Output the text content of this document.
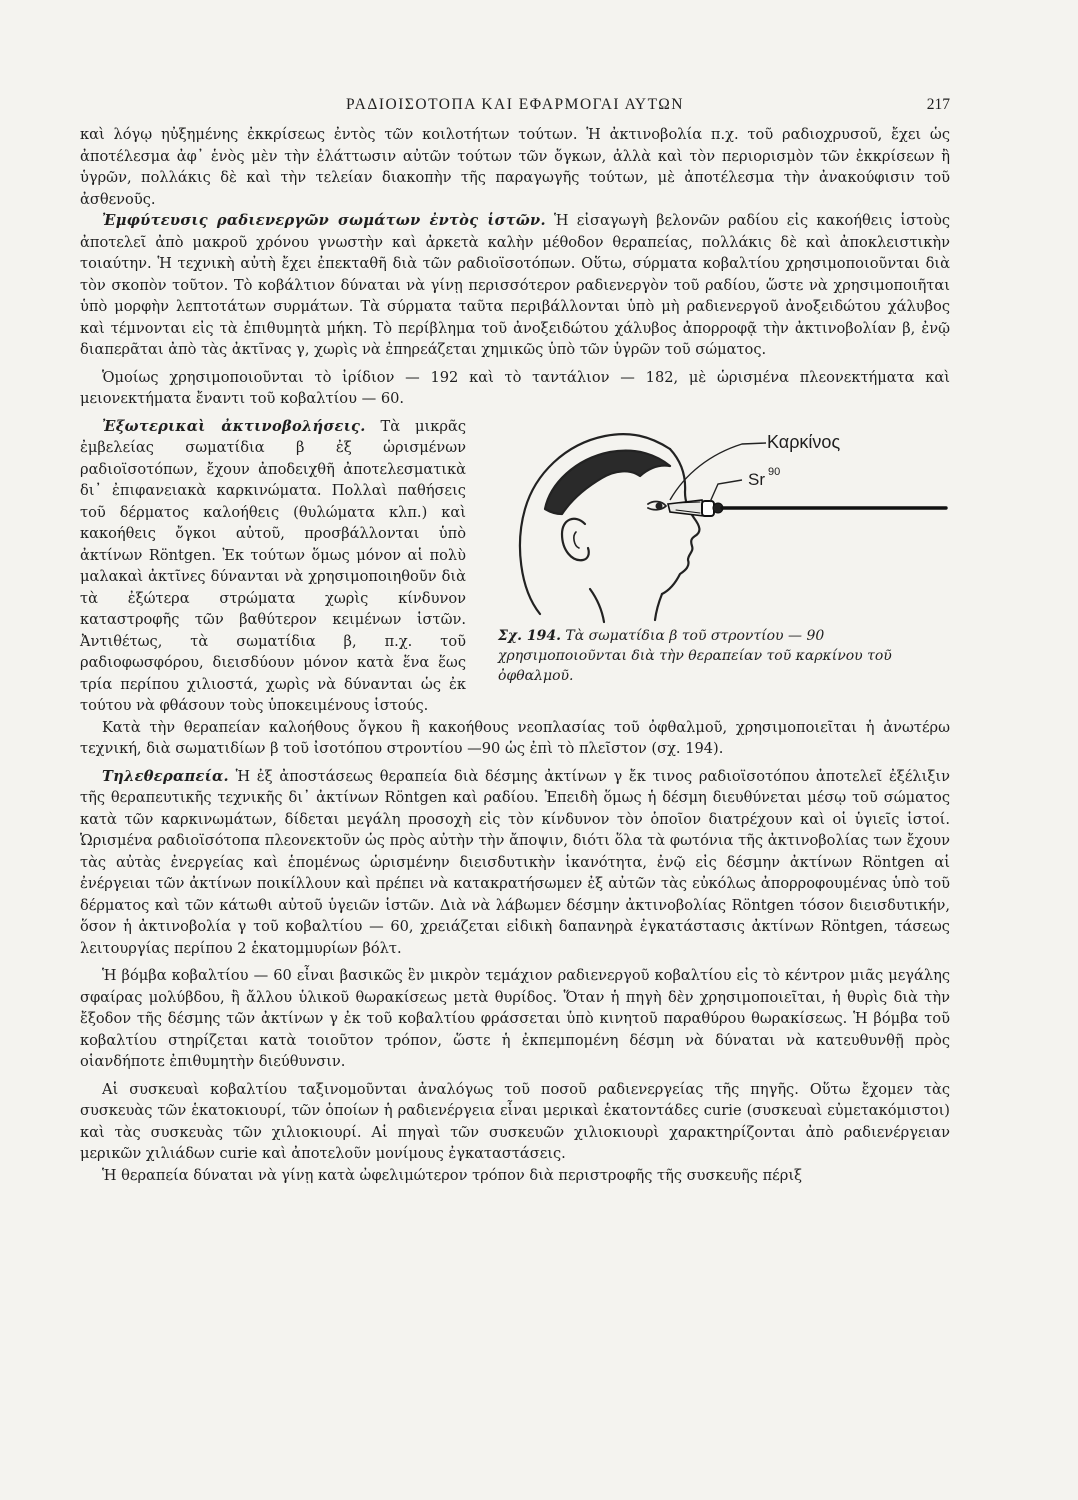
ΡΑΔΙΟΙΣΟΤΟΠΑ ΚΑΙ ΕΦΑΡΜΟΓΑΙ ΑΥΤΩΝ	217

καὶ λόγῳ ηὐξημένης ἐκκρίσεως ἐντὸς τῶν κοιλοτήτων τούτων. Ἡ ἀκτινοβολία π.χ. τοῦ ραδιοχρυσοῦ, ἔχει ὡς ἀποτέλεσμα ἀφ᾽ ἑνὸς μὲν τὴν ἐλάττωσιν αὐτῶν τούτων τῶν ὄγκων, ἀλλὰ καὶ τὸν περιορισμὸν τῶν ἐκκρίσεων ἢ ὑγρῶν, πολλάκις δὲ καὶ τὴν τελείαν διακοπὴν τῆς παραγωγῆς τούτων, μὲ ἀποτέλεσμα τὴν ἀνακούφισιν τοῦ ἀσθενοῦς.

Ἐμφύτευσις ραδιενεργῶν σωμάτων ἐντὸς ἱστῶν. Ἡ εἰσαγωγὴ βελονῶν ραδίου εἰς κακοήθεις ἱστοὺς ἀποτελεῖ ἀπὸ μακροῦ χρόνου γνωστὴν καὶ ἀρκετὰ καλὴν μέθοδον θεραπείας, πολλάκις δὲ καὶ ἀποκλειστικὴν τοιαύτην. Ἡ τεχνικὴ αὐτὴ ἔχει ἐπεκταθῆ διὰ τῶν ραδιοϊσοτόπων. Οὕτω, σύρματα κοβαλτίου χρησιμοποιοῦνται διὰ τὸν σκοπὸν τοῦτον. Τὸ κοβάλτιον δύναται νὰ γίνῃ περισσότερον ραδιενεργὸν τοῦ ραδίου, ὥστε νὰ χρησιμοποιῆται ὑπὸ μορφὴν λεπτοτάτων συρμάτων. Τὰ σύρματα ταῦτα περιβάλλονται ὑπὸ μὴ ραδιενεργοῦ ἀνοξειδώτου χάλυβος καὶ τέμνονται εἰς τὰ ἐπιθυμητὰ μήκη. Τὸ περίβλημα τοῦ ἀνοξειδώτου χάλυβος ἀπορροφᾷ τὴν ἀκτινοβολίαν β, ἐνῷ διαπερᾶται ἀπὸ τὰς ἀκτῖνας γ, χωρὶς νὰ ἐπηρεάζεται χημικῶς ὑπὸ τῶν ὑγρῶν τοῦ σώματος.

Ὁμοίως χρησιμοποιοῦνται τὸ ἰρίδιον — 192 καὶ τὸ ταντάλιον — 182, μὲ ὡρισμένα πλεονεκτήματα καὶ μειονεκτήματα ἔναντι τοῦ κοβαλτίου — 60.

Καρκίνος
Sr 90
Σχ. 194. Τὰ σωματίδια β τοῦ στροντίου — 90 χρησιμοποιοῦνται διὰ τὴν θεραπείαν τοῦ καρκίνου τοῦ ὀφθαλμοῦ.

Ἐξωτερικαὶ ἀκτινοβολήσεις. Τὰ μικρᾶς ἐμβελείας σωματίδια β ἐξ ὡρισμένων ραδιοϊσοτόπων, ἔχουν ἀποδειχθῆ ἀποτελεσματικὰ δι᾽ ἐπιφανειακὰ καρκινώματα. Πολλαὶ παθήσεις τοῦ δέρματος καλοήθεις (θυλώματα κλπ.) καὶ κακοήθεις ὄγκοι αὐτοῦ, προσβάλλονται ὑπὸ ἀκτίνων Röntgen. Ἐκ τούτων ὅμως μόνον αἱ πολὺ μαλακαὶ ἀκτῖνες δύνανται νὰ χρησιμοποιηθοῦν διὰ τὰ ἐξώτερα στρώματα χωρὶς κίνδυνον καταστροφῆς τῶν βαθύτερον κειμένων ἱστῶν. Ἀντιθέτως, τὰ σωματίδια β, π.χ. τοῦ ραδιοφωσφόρου, διεισδύουν μόνον κατὰ ἕνα ἕως τρία περίπου χιλιοστά, χωρὶς νὰ δύνανται ὡς ἐκ τούτου νὰ φθάσουν τοὺς ὑποκειμένους ἱστούς.

Κατὰ τὴν θεραπείαν καλοήθους ὄγκου ἢ κακοήθους νεοπλασίας τοῦ ὀφθαλμοῦ, χρησιμοποιεῖται ἡ ἀνωτέρω τεχνική, διὰ σωματιδίων β τοῦ ἰσοτόπου στροντίου —90 ὡς ἐπὶ τὸ πλεῖστον (σχ. 194).

Τηλεθεραπεία. Ἡ ἐξ ἀποστάσεως θεραπεία διὰ δέσμης ἀκτίνων γ ἔκ τινος ραδιοϊσοτόπου ἀποτελεῖ ἐξέλιξιν τῆς θεραπευτικῆς τεχνικῆς δι᾽ ἀκτίνων Röntgen καὶ ραδίου. Ἐπειδὴ ὅμως ἡ δέσμη διευθύνεται μέσῳ τοῦ σώματος κατὰ τῶν καρκινωμάτων, δίδεται μεγάλη προσοχὴ εἰς τὸν κίνδυνον τὸν ὁποῖον διατρέχουν καὶ οἱ ὑγιεῖς ἱστοί. Ὡρισμένα ραδιοϊσότοπα πλεονεκτοῦν ὡς πρὸς αὐτὴν τὴν ἄποψιν, διότι ὅλα τὰ φωτόνια τῆς ἀκτινοβολίας των ἔχουν τὰς αὐτὰς ἐνεργείας καὶ ἑπομένως ὡρισμένην διεισδυτικὴν ἱκανότητα, ἐνῷ εἰς δέσμην ἀκτίνων Röntgen αἱ ἐνέργειαι τῶν ἀκτίνων ποικίλλουν καὶ πρέπει νὰ κατακρατήσωμεν ἐξ αὐτῶν τὰς εὐκόλως ἀπορροφουμένας ὑπὸ τοῦ δέρματος καὶ τῶν κάτωθι αὐτοῦ ὑγειῶν ἱστῶν. Διὰ νὰ λάβωμεν δέσμην ἀκτινοβολίας Röntgen τόσον διεισδυτικήν, ὅσον ἡ ἀκτινοβολία γ τοῦ κοβαλτίου — 60, χρειάζεται εἰδικὴ δαπανηρὰ ἐγκατάστασις ἀκτίνων Röntgen, τάσεως λειτουργίας περίπου 2 ἑκατομμυρίων βόλτ.

Ἡ βόμβα κοβαλτίου — 60 εἶναι βασικῶς ἓν μικρὸν τεμάχιον ραδιενεργοῦ κοβαλτίου εἰς τὸ κέντρον μιᾶς μεγάλης σφαίρας μολύβδου, ἢ ἄλλου ὑλικοῦ θωρακίσεως μετὰ θυρίδος. Ὅταν ἡ πηγὴ δὲν χρησιμοποιεῖται, ἡ θυρὶς διὰ τὴν ἔξοδον τῆς δέσμης τῶν ἀκτίνων γ ἐκ τοῦ κοβαλτίου φράσσεται ὑπὸ κινητοῦ παραθύρου θωρακίσεως. Ἡ βόμβα τοῦ κοβαλτίου στηρίζεται κατὰ τοιοῦτον τρόπον, ὥστε ἡ ἐκπεμπομένη δέσμη νὰ δύναται νὰ κατευθυνθῇ πρὸς οἱανδήποτε ἐπιθυμητὴν διεύθυνσιν.

Αἱ συσκευαὶ κοβαλτίου ταξινομοῦνται ἀναλόγως τοῦ ποσοῦ ραδιενεργείας τῆς πηγῆς. Οὕτω ἔχομεν τὰς συσκευὰς τῶν ἑκατοκιουρί, τῶν ὁποίων ἡ ραδιενέργεια εἶναι μερικαὶ ἑκατοντάδες curie (συσκευαὶ εὐμετακόμιστοι) καὶ τὰς συσκευὰς τῶν χιλιοκιουρί. Αἱ πηγαὶ τῶν συσκευῶν χιλιοκιουρὶ χαρακτηρίζονται ἀπὸ ραδιενέργειαν μερικῶν χιλιάδων curie καὶ ἀποτελοῦν μονίμους ἐγκαταστάσεις.

Ἡ θεραπεία δύναται νὰ γίνῃ κατὰ ὠφελιμώτερον τρόπον διὰ περιστροφῆς τῆς συσκευῆς πέριξ
